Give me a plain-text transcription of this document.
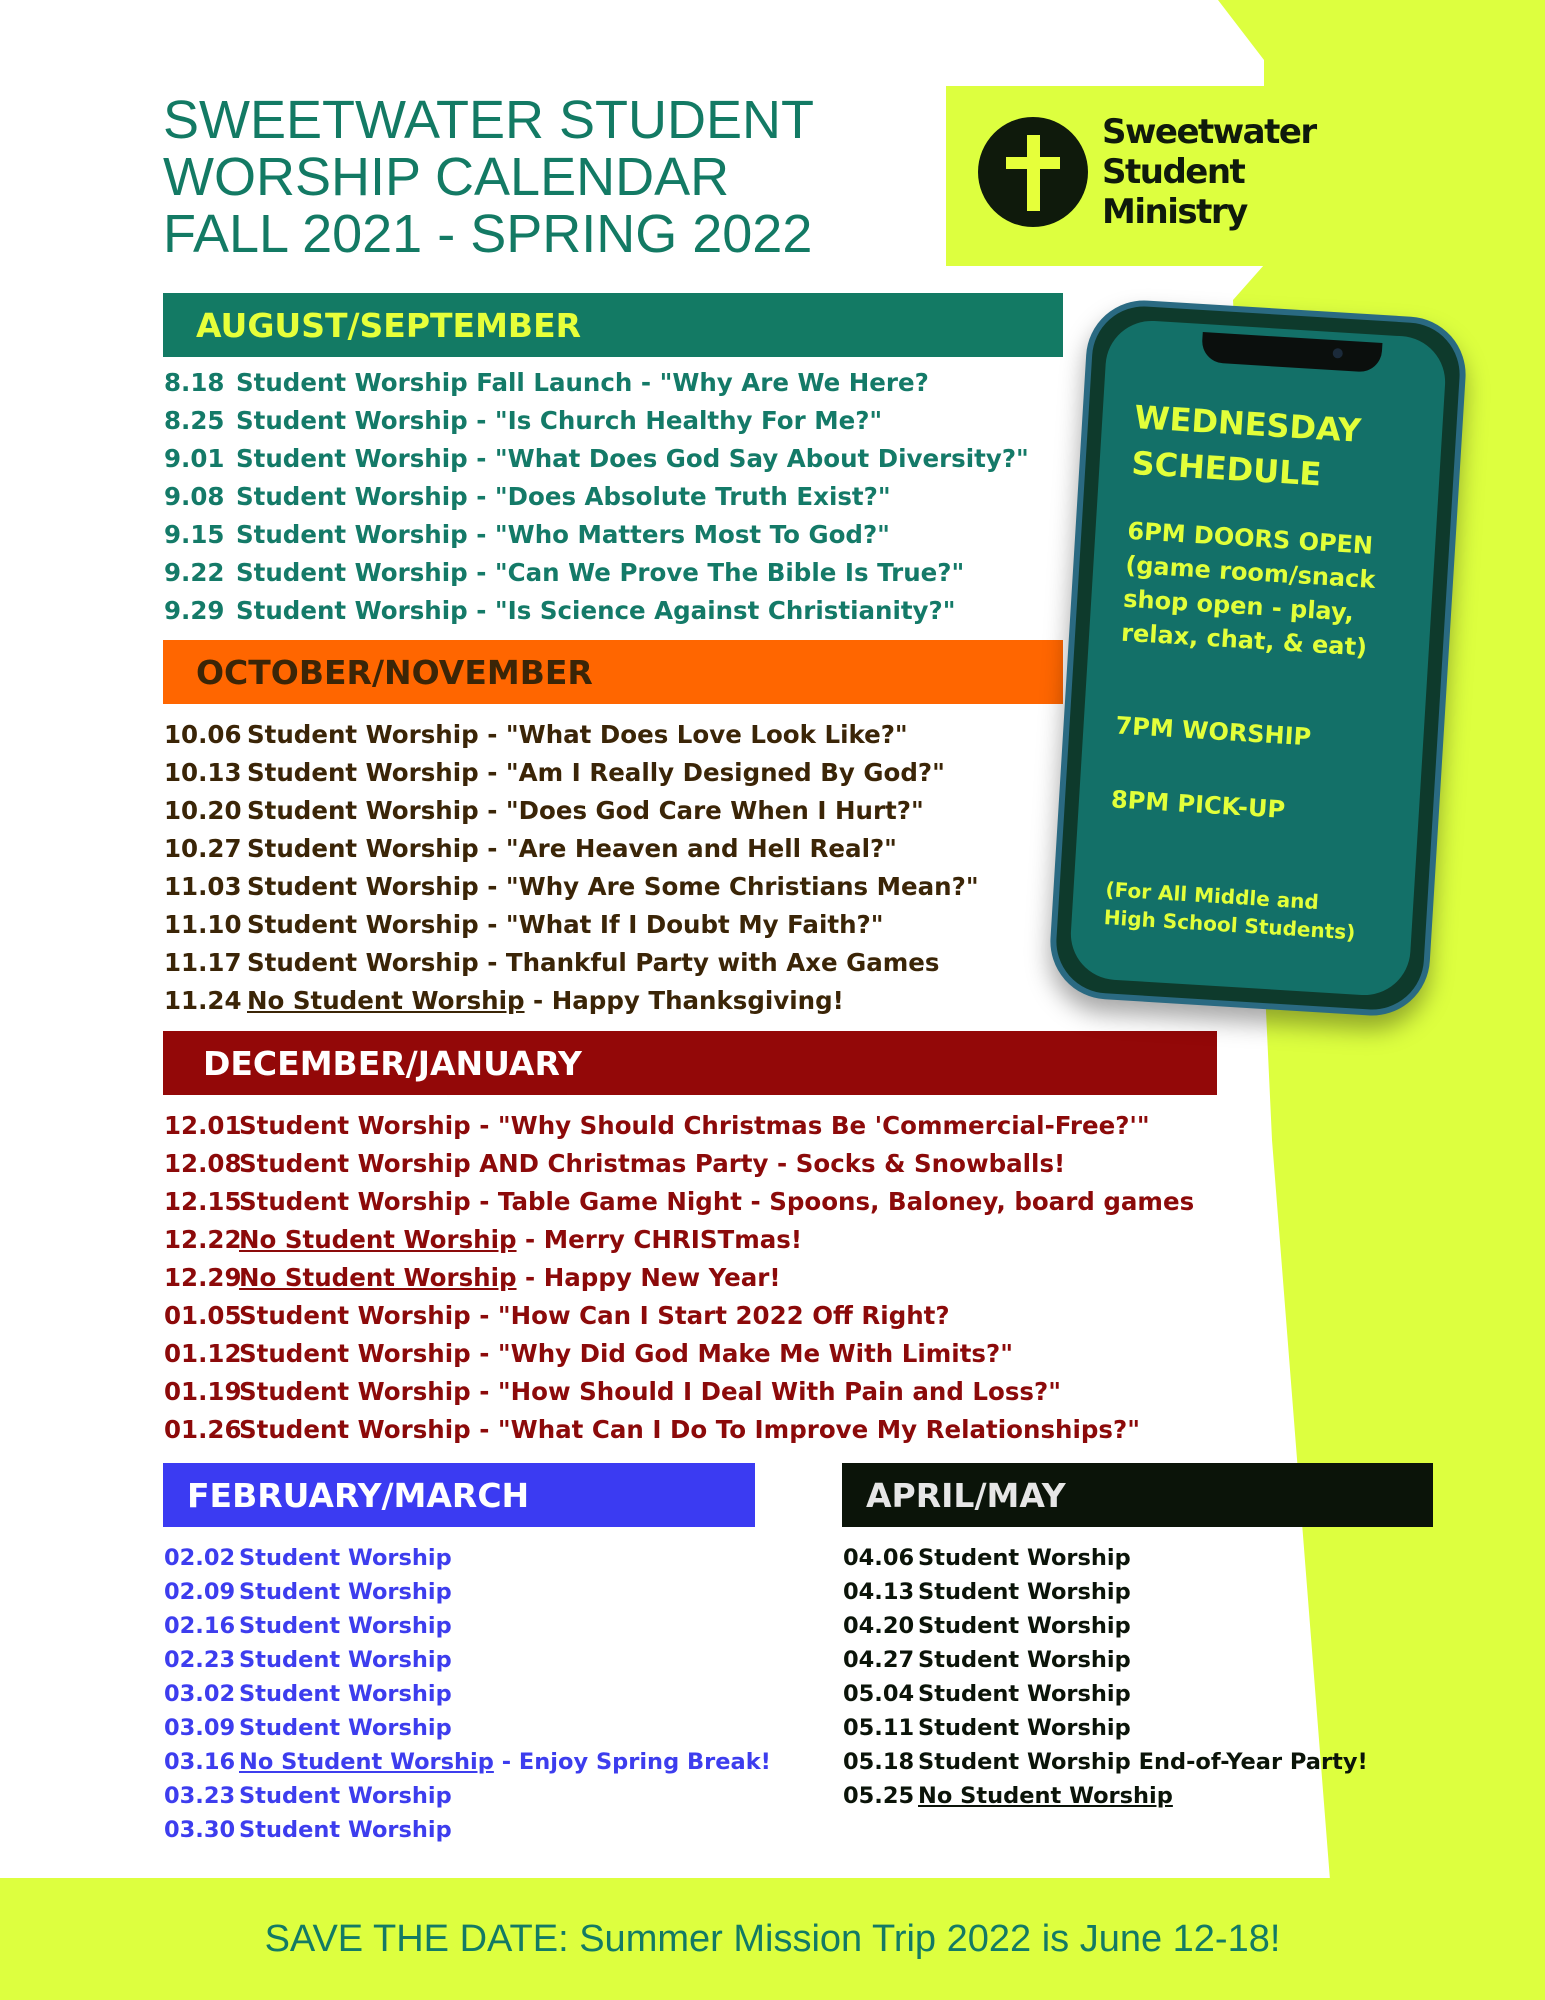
SWEETWATER STUDENT
WORSHIP CALENDAR
FALL 2021 - SPRING 2022
Sweetwater
Student
Ministry
AUGUST/SEPTEMBER
8.18 Student Worship Fall Launch - "Why Are We Here?
8.25 Student Worship - "Is Church Healthy For Me?"
9.01 Student Worship - "What Does God Say About Diversity?"
9.08 Student Worship - "Does Absolute Truth Exist?"
9.15 Student Worship - "Who Matters Most To God?"
9.22 Student Worship - "Can We Prove The Bible Is True?"
9.29 Student Worship - "Is Science Against Christianity?"
OCTOBER/NOVEMBER
10.06 Student Worship - "What Does Love Look Like?"
10.13 Student Worship - "Am I Really Designed By God?"
10.20 Student Worship - "Does God Care When I Hurt?"
10.27 Student Worship - "Are Heaven and Hell Real?"
11.03 Student Worship - "Why Are Some Christians Mean?"
11.10 Student Worship - "What If I Doubt My Faith?"
11.17 Student Worship - Thankful Party with Axe Games
11.24 No Student Worship - Happy Thanksgiving!
DECEMBER/JANUARY
12.01Student Worship - "Why Should Christmas Be 'Commercial-Free?'"
12.08Student Worship AND Christmas Party - Socks & Snowballs!
12.15Student Worship - Table Game Night - Spoons, Baloney, board games
12.22No Student Worship - Merry CHRISTmas!
12.29No Student Worship - Happy New Year!
01.05Student Worship - "How Can I Start 2022 Off Right?
01.12Student Worship - "Why Did God Make Me With Limits?"
01.19Student Worship - "How Should I Deal With Pain and Loss?"
01.26Student Worship - "What Can I Do To Improve My Relationships?"
FEBRUARY/MARCH
02.02 Student Worship
02.09 Student Worship
02.16 Student Worship
02.23 Student Worship
03.02 Student Worship
03.09 Student Worship
03.16 No Student Worship - Enjoy Spring Break!
03.23 Student Worship
03.30 Student Worship
APRIL/MAY
04.06 Student Worship
04.13 Student Worship
04.20 Student Worship
04.27 Student Worship
05.04 Student Worship
05.11 Student Worship
05.18 Student Worship End-of-Year Party!
05.25 No Student Worship
WEDNESDAY
SCHEDULE
6PM DOORS OPEN
(game room/snack
shop open - play,
relax, chat, & eat)
7PM WORSHIP
8PM PICK-UP
(For All Middle and
High School Students)
SAVE THE DATE: Summer Mission Trip 2022 is June 12-18!
